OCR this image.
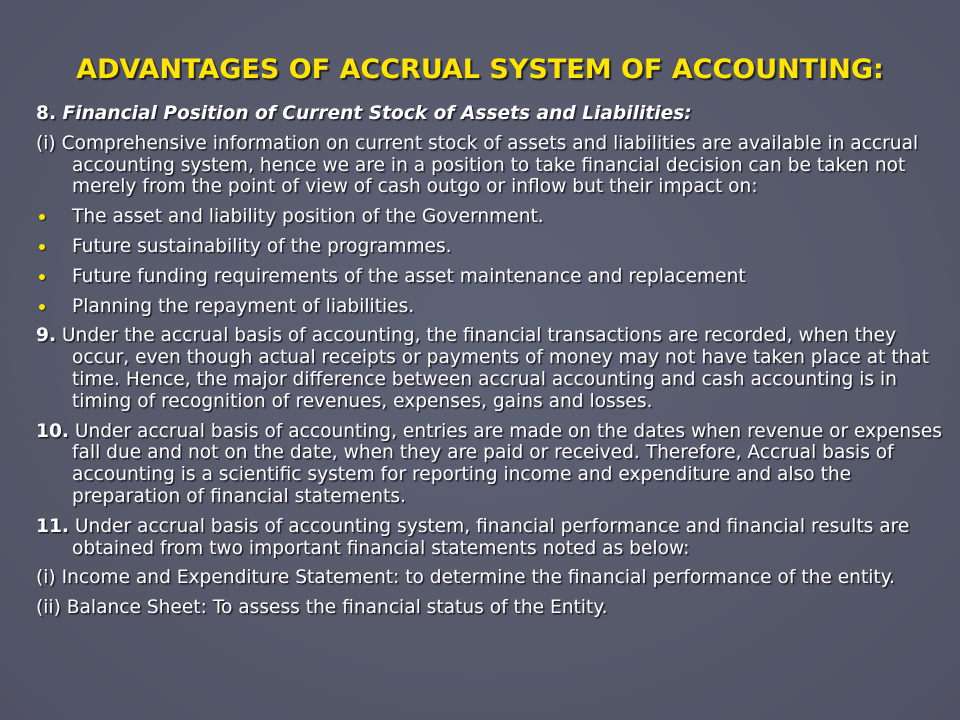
ADVANTAGES OF ACCRUAL SYSTEM OF ACCOUNTING:

8. Financial Position of Current Stock of Assets and Liabilities:

(i) Comprehensive information on current stock of assets and liabilities are available in accrual accounting system, hence we are in a position to take financial decision can be taken not merely from the point of view of cash outgo or inflow but their impact on:

The asset and liability position of the Government.
Future sustainability of the programmes.
Future funding requirements of the asset maintenance and replacement
Planning the repayment of liabilities.

9. Under the accrual basis of accounting, the financial transactions are recorded, when they occur, even though actual receipts or payments of money may not have taken place at that time. Hence, the major difference between accrual accounting and cash accounting is in timing of recognition of revenues, expenses, gains and losses.

10. Under accrual basis of accounting, entries are made on the dates when revenue or expenses fall due and not on the date, when they are paid or received. Therefore, Accrual basis of accounting is a scientific system for reporting income and expenditure and also the preparation of financial statements.

11. Under accrual basis of accounting system, financial performance and financial results are obtained from two important financial statements noted as below:

(i) Income and Expenditure Statement: to determine the financial performance of the entity.

(ii) Balance Sheet: To assess the financial status of the Entity.
